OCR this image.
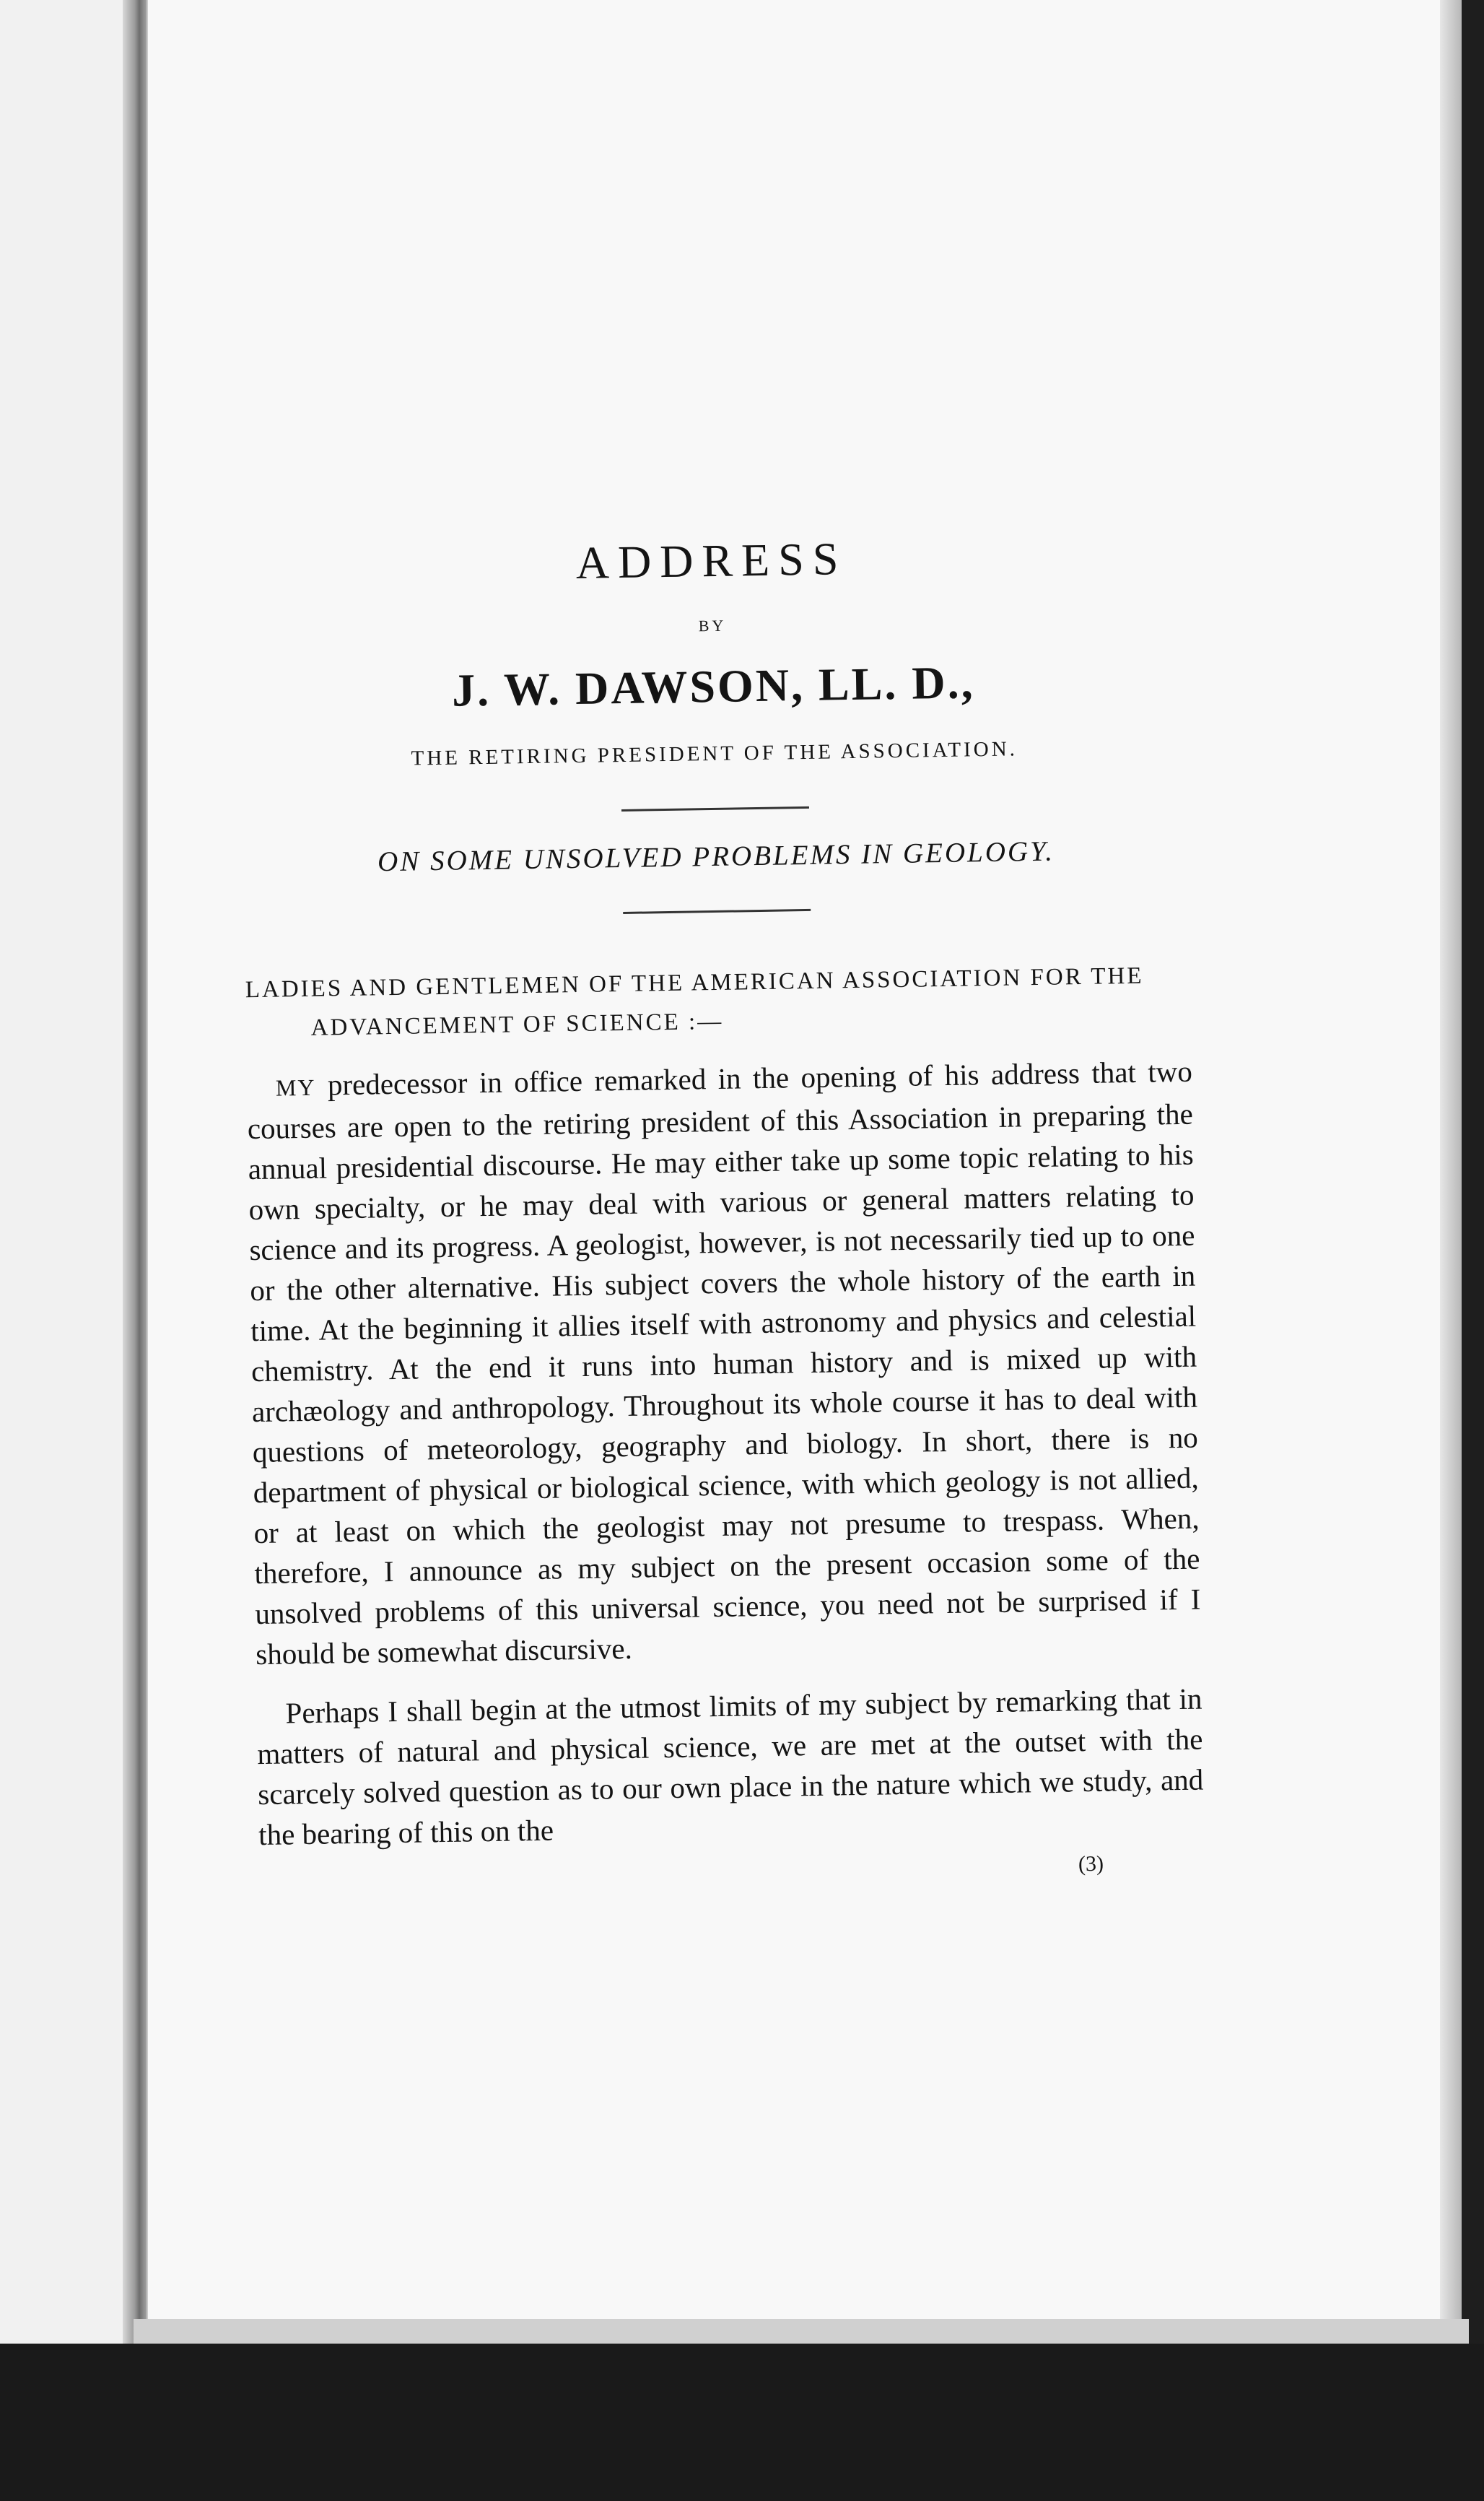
ADDRESS
BY
J. W. DAWSON, LL. D.,
THE RETIRING PRESIDENT OF THE ASSOCIATION.
ON SOME UNSOLVED PROBLEMS IN GEOLOGY.
LADIES AND GENTLEMEN OF THE AMERICAN ASSOCIATION FOR THE
ADVANCEMENT OF SCIENCE :—

MY predecessor in office remarked in the opening of his address that two courses are open to the retiring president of this Association in preparing the annual presidential discourse. He may either take up some topic relating to his own specialty, or he may deal with various or general matters relating to science and its progress. A geologist, however, is not necessarily tied up to one or the other alternative. His subject covers the whole history of the earth in time. At the beginning it allies itself with astronomy and physics and celestial chemistry. At the end it runs into human history and is mixed up with archæology and anthropology. Throughout its whole course it has to deal with questions of meteorology, geography and biology. In short, there is no department of physical or biological science, with which geology is not allied, or at least on which the geologist may not presume to trespass. When, therefore, I announce as my subject on the present occasion some of the unsolved problems of this universal science, you need not be surprised if I should be somewhat discursive.

Perhaps I shall begin at the utmost limits of my subject by remarking that in matters of natural and physical science, we are met at the outset with the scarcely solved question as to our own place in the nature which we study, and the bearing of this on the

(3)
